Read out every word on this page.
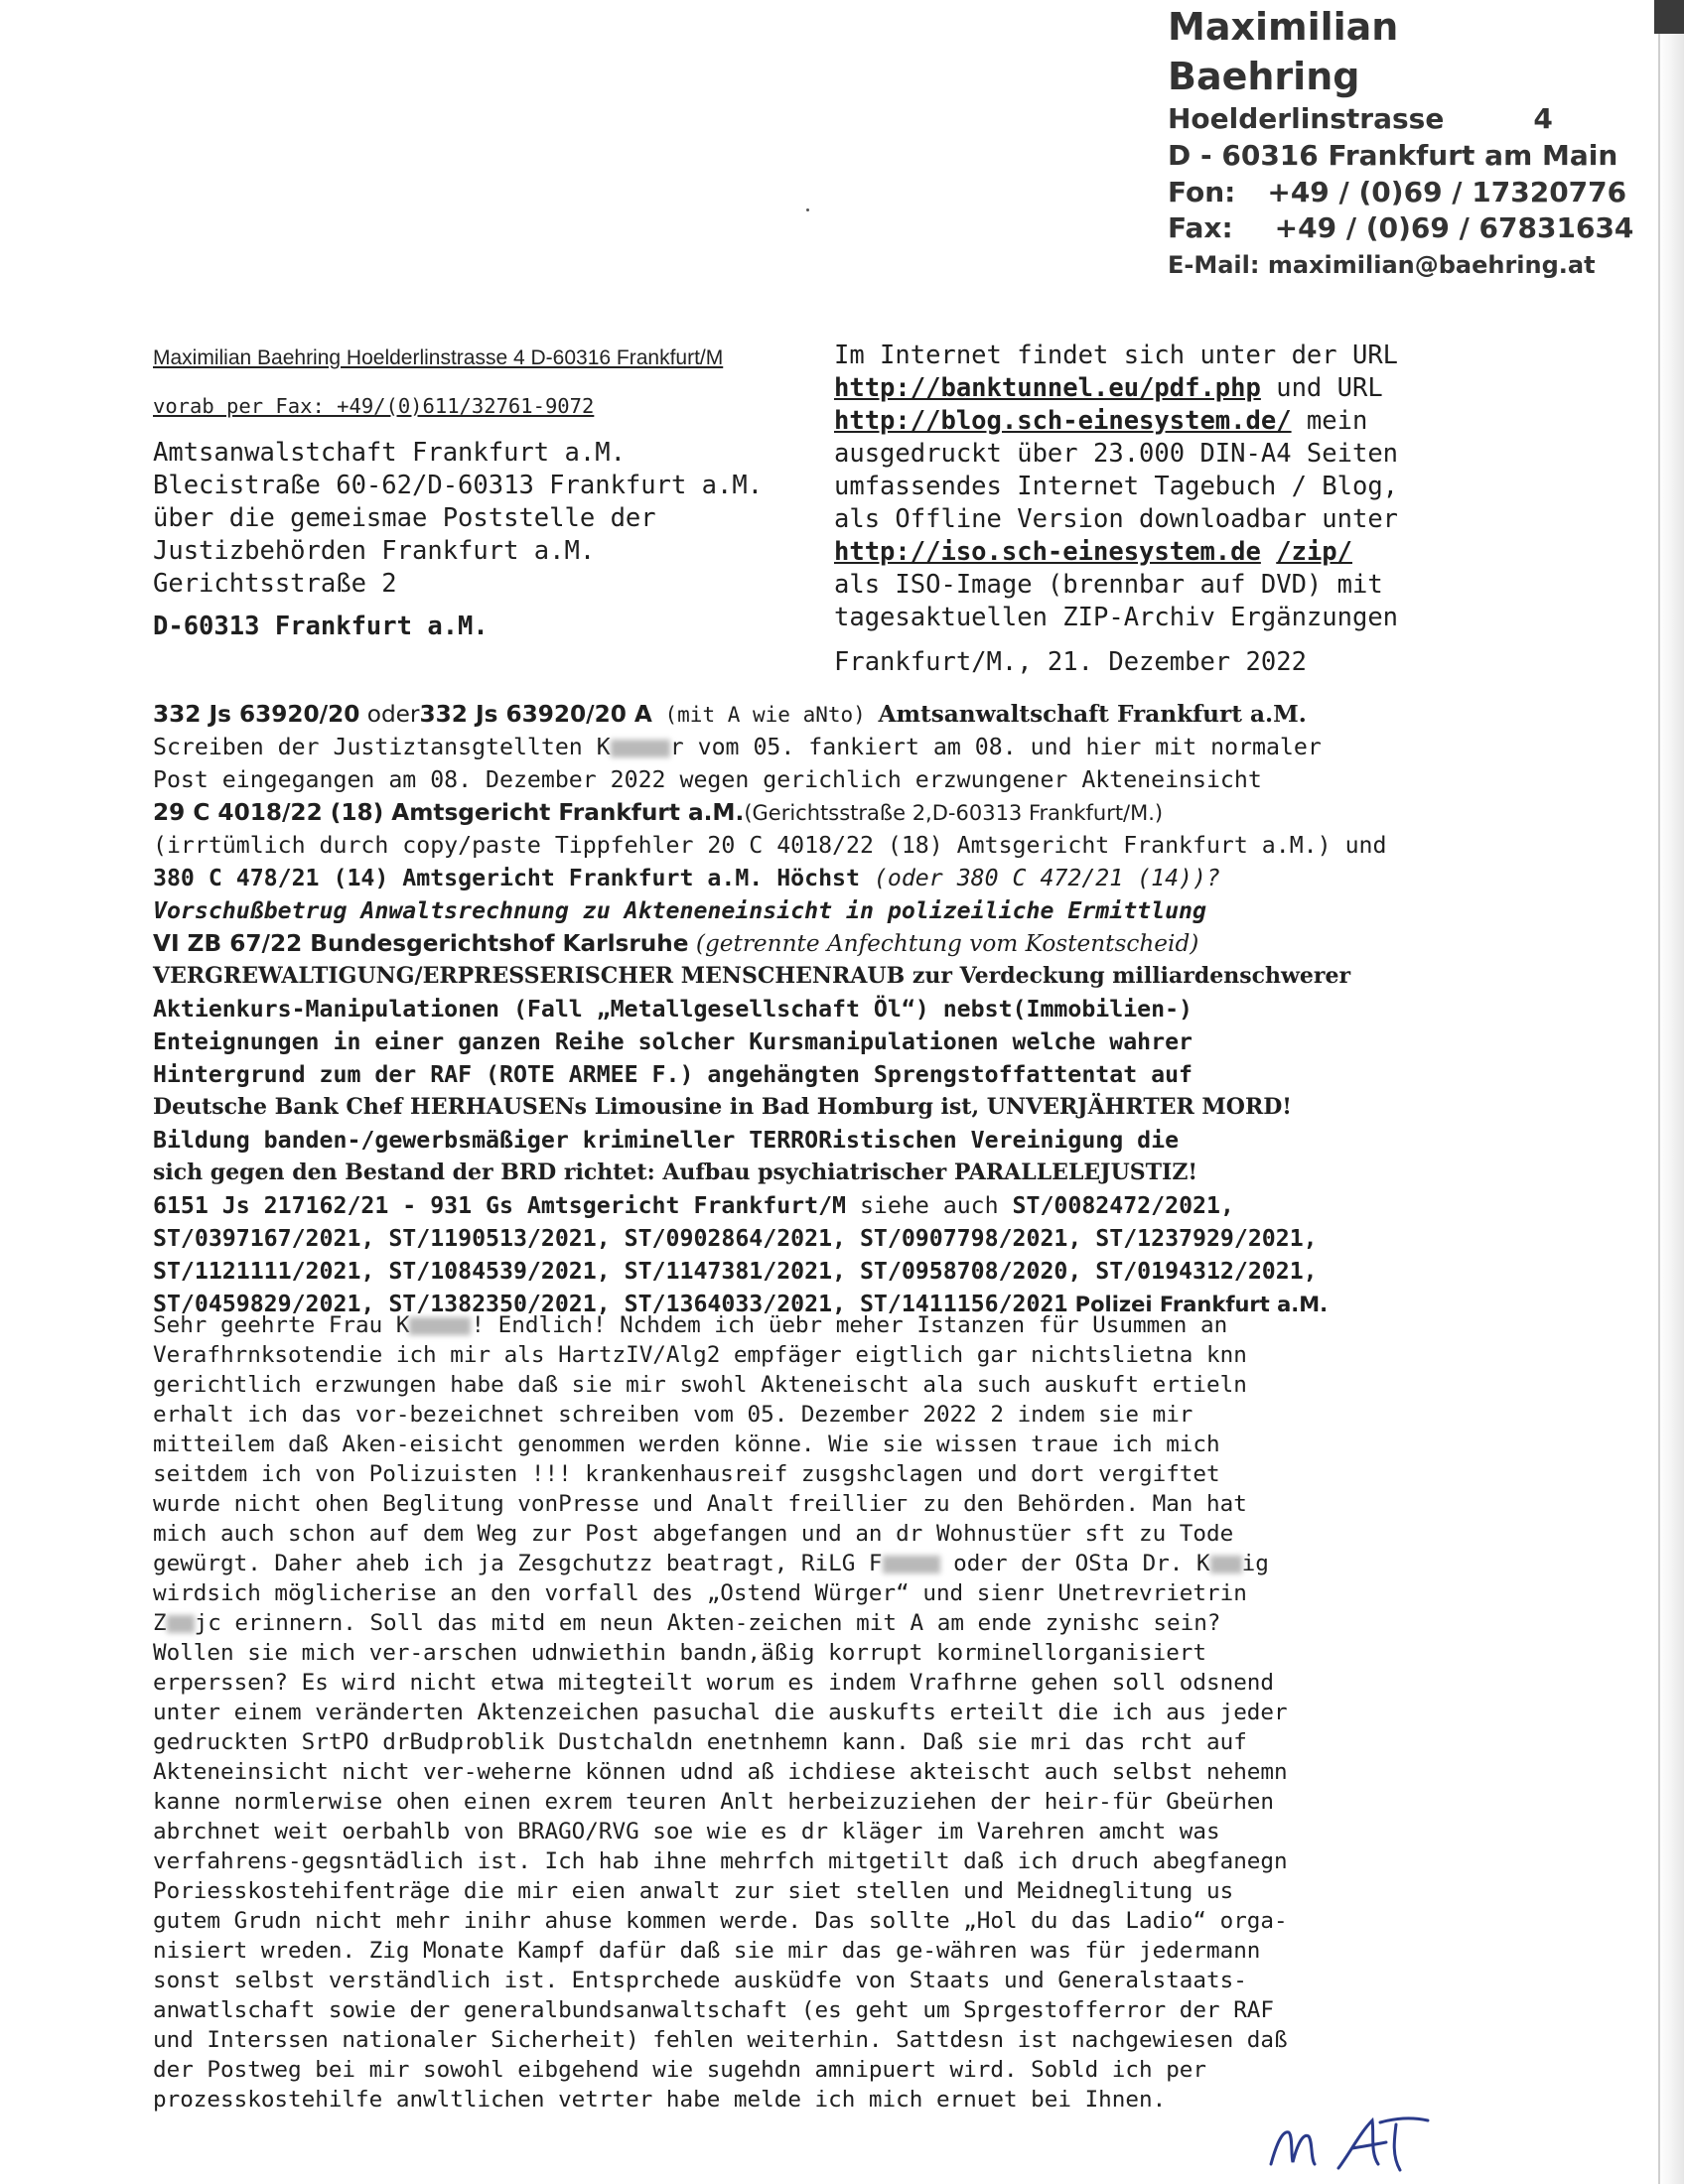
Maximilian Baehring
Hoelderlinstrasse	4
D - 60316 Frankfurt am Main
Fon: +49 / (0)69 / 17320776
Fax: +49 / (0)69 / 67831634
E-Mail: maximilian@baehring.at
Maximilian Baehring Hoelderlinstrasse 4 D-60316 Frankfurt/M
vorab per Fax: +49/(0)611/32761-9072
Amtsanwalstchaft Frankfurt a.M.
Blecistraße 60-62/D-60313 Frankfurt a.M.
über die gemeismae Poststelle der
Justizbehörden Frankfurt a.M.
Gerichtsstraße 2
D-60313 Frankfurt a.M.
Im Internet findet sich unter der URL
http://banktunnel.eu/pdf.php und URL
http://blog.sch-einesystem.de/ mein
ausgedruckt über 23.000 DIN-A4 Seiten
umfassendes Internet Tagebuch / Blog,
als Offline Version downloadbar unter
http://iso.sch-einesystem.de /zip/
als ISO-Image (brennbar auf DVD) mit
tagesaktuellen ZIP-Archiv Ergänzungen
Frankfurt/M., 21. Dezember 2022
332 Js 63920/20 oder332 Js 63920/20 A (mit A wie aNto) Amtsanwaltschaft Frankfurt a.M.
Screiben der Justiztansgtellten K	r vom 05. fankiert am 08. und hier mit normaler
Post eingegangen am 08. Dezember 2022 wegen gerichlich erzwungener Akteneinsicht
29 C 4018/22 (18) Amtsgericht Frankfurt a.M.(Gerichtsstraße 2,D-60313 Frankfurt/M.)
(irrtümlich durch copy/paste Tippfehler 20 C 4018/22 (18) Amtsgericht Frankfurt a.M.) und
380 C 478/21 (14) Amtsgericht Frankfurt a.M. Höchst (oder 380 C 472/21 (14))?
Vorschußbetrug Anwaltsrechnung zu Akteneneinsicht in polizeiliche Ermittlung
VI ZB 67/22 Bundesgerichtshof Karlsruhe (getrennte Anfechtung vom Kostentscheid)
VERGREWALTIGUNG/ERPRESSERISCHER MENSCHENRAUB zur Verdeckung milliardenschwerer
Aktienkurs-Manipulationen (Fall „Metallgesellschaft Öl“) nebst(Immobilien-)
Enteignungen in einer ganzen Reihe solcher Kursmanipulationen welche wahrer
Hintergrund zum der RAF (ROTE ARMEE F.) angehängten Sprengstoffattentat auf
Deutsche Bank Chef HERHAUSENs Limousine in Bad Homburg ist, UNVERJÄHRTER MORD!
Bildung banden-/gewerbsmäßiger krimineller TERRORistischen Vereinigung die
sich gegen den Bestand der BRD richtet: Aufbau psychiatrischer PARALLELEJUSTIZ!
6151 Js 217162/21 - 931 Gs Amtsgericht Frankfurt/M siehe auch ST/0082472/2021,
ST/0397167/2021, ST/1190513/2021, ST/0902864/2021, ST/0907798/2021, ST/1237929/2021,
ST/1121111/2021, ST/1084539/2021, ST/1147381/2021, ST/0958708/2020, ST/0194312/2021,
ST/0459829/2021, ST/1382350/2021, ST/1364033/2021, ST/1411156/2021 Polizei Frankfurt a.M.
Sehr geehrte Frau K	! Endlich! Nchdem ich üebr meher Istanzen für Usummen an
Verafhrnksotendie ich mir als HartzIV/Alg2 empfäger eigtlich gar nichtslietna knn
gerichtlich erzwungen habe daß sie mir swohl Akteneischt ala such auskuft ertieln
erhalt ich das vor-bezeichnet schreiben vom 05. Dezember 2022 2 indem sie mir
mitteilem daß Aken-eisicht genommen werden könne. Wie sie wissen traue ich mich
seitdem ich von Polizuisten !!! krankenhausreif zusgshclagen und dort vergiftet
wurde nicht ohen Beglitung vonPresse und Analt freilliег zu den Behörden. Man hat
mich auch schon auf dem Weg zur Post abgefangen und an dr Wohnustüer sft zu Tode
gewürgt. Daher aheb ich ja Zesgchutzz beatragt, RiLG F	oder der OSta Dr. K ig
wirdsich möglicherise an den vorfall des „Ostend Würger“ und sienr Unetrevrietrin
Z jc erinnern. Soll das mitd em neun Akten-zeichen mit A am ende zynishc sein?
Wollen sie mich ver-arschen udnwiethin bandn,äßig korrupt korminellorganisiert
erperssen? Es wird nicht etwa mitegteilt worum es indem Vrafhrne gehen soll odsnend
unter einem veränderten Aktenzeichen pasuchal die auskufts erteilt die ich aus jeder
gedruckten SrtPO drBudproblik Dustchaldn enetnhemn kann. Daß sie mri das rcht auf
Akteneinsicht nicht ver-weherne können udnd aß ichdiese akteischt auch selbst nehemn
kanne normlerwise ohen einen exrem teuren Anlt herbeizuziehen der heir-für Gbeürhen
abrchnet weit oerbahlb von BRAGO/RVG soe wie es dr kläger im Varehren amcht was
verfahrens-gegsntädlich ist. Ich hab ihne mehrfch mitgetilt daß ich druch abegfanegn
Poriesskostehifenträge die mir eien anwalt zur siet stellen und Meidneglitung us
gutem Grudn nicht mehr inihr ahuse kommen werde. Das sollte „Hol du das Ladio“ orga-
nisiert wreden. Zig Monate Kampf dafür daß sie mir das ge-währen was für jedermann
sonst selbst verständlich ist. Entsprchede ausküdfe von Staats und Generalstaats-
anwatlschaft sowie der generalbundsanwaltschaft (es geht um Sprgestofferror der RAF
und Interssen nationaler Sicherheit) fehlen weiterhin. Sattdesn ist nachgewiesen daß
der Postweg bei mir sowohl eibgehend wie sugehdn amnipuert wird. Sobld ich per
prozesskostehilfe anwltlichen vetrter habe melde ich mich ernuet bei Ihnen.
